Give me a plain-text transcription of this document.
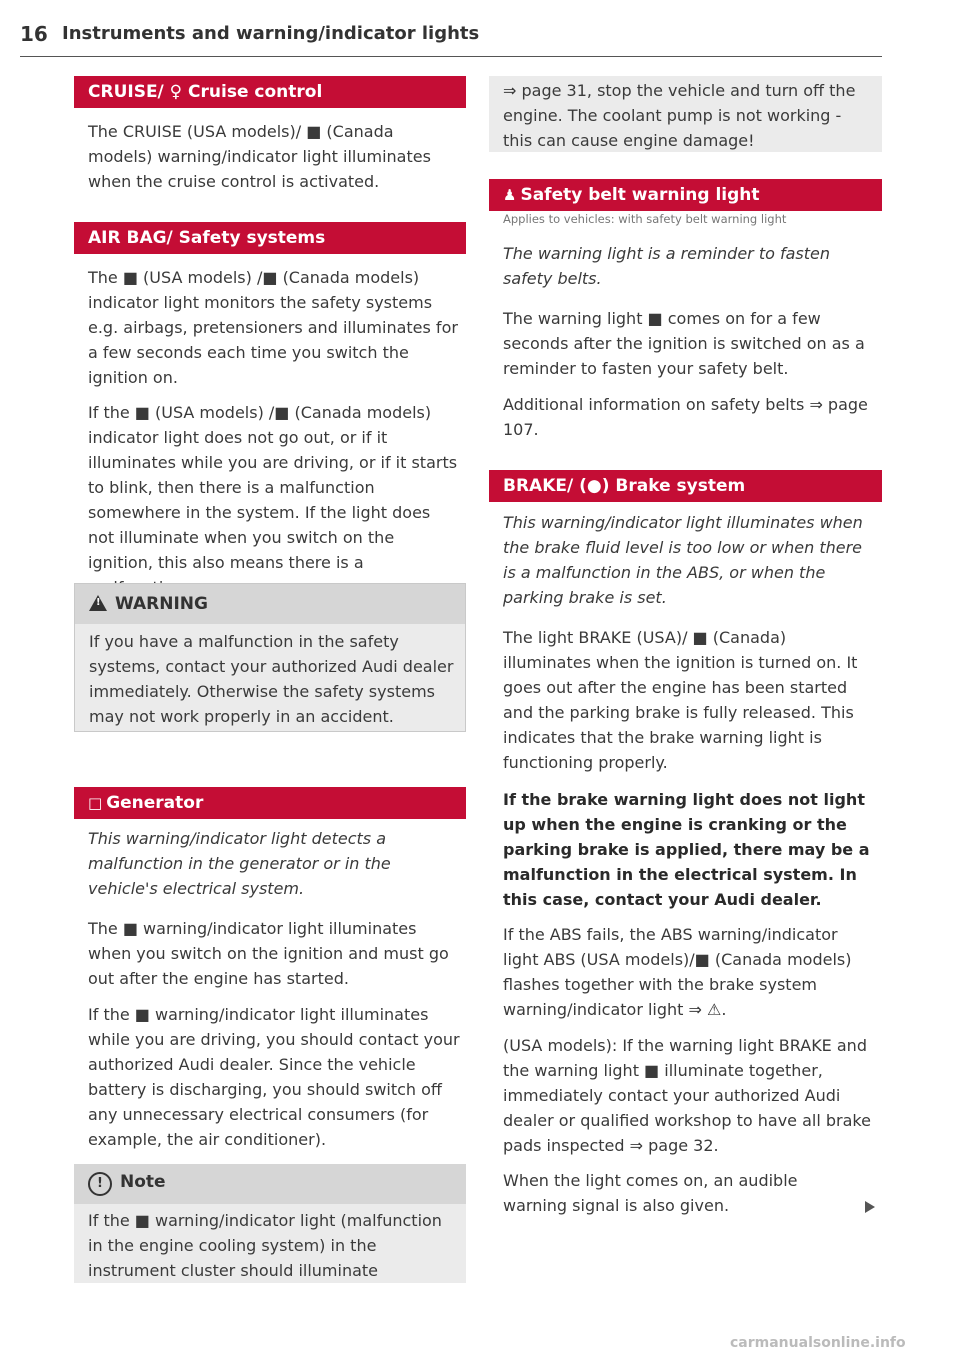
16 Instruments and warning/indicator lights
CRUISE/ ♀ Cruise control

The CRUISE (USA models)/ ■ (Canada models) warning/indicator light illuminates when the cruise control is activated.

AIR BAG/ Safety systems

The ■ (USA models) /■ (Canada models) indicator light monitors the safety systems e.g. airbags, pretensioners and illuminates for a few seconds each time you switch the ignition on.

If the ■ (USA models) /■ (Canada models) indicator light does not go out, or if it illuminates while you are driving, or if it starts to blink, then there is a malfunction somewhere in the system. If the light does not illuminate when you switch on the ignition, this also means there is a

!WARNING

If you have a malfunction in the safety systems, contact your authorized Audi dealer immediately. Otherwise the safety systems may not work properly in an accident.

□ Generator

This warning/indicator light detects a malfunction in the generator or in the vehicle's electrical system.

The ■ warning/indicator light illuminates when you switch on the ignition and must go out after the engine has started.

If the ■ warning/indicator light illuminates while you are driving, you should contact your authorized Audi dealer. Since the vehicle battery is discharging, you should switch off any unnecessary electrical consumers (for example, the air conditioner).

! Note

If the ■ warning/indicator light (malfunction in the engine cooling system) in the instrument cluster should illuminate

⇒ page 31, stop the vehicle and turn off the engine. The coolant pump is not working - this can cause engine damage!

♟ Safety belt warning light
Applies to vehicles: with safety belt warning light

The warning light is a reminder to fasten safety belts.

The warning light ■ comes on for a few seconds after the ignition is switched on as a reminder to fasten your safety belt.

Additional information on safety belts ⇒ page 107.

BRAKE/ (●) Brake system

This warning/indicator light illuminates when the brake fluid level is too low or when there is a malfunction in the ABS, or when the parking brake is set.

The light BRAKE (USA)/ ■ (Canada) illuminates when the ignition is turned on. It goes out after the engine has been started and the parking brake is fully released. This indicates that the brake warning light is functioning properly.

If the brake warning light does not light up when the engine is cranking or the parking brake is applied, there may be a malfunction in the electrical system. In this case, contact your Audi dealer.

If the ABS fails, the ABS warning/indicator light ABS (USA models)/■ (Canada models) flashes together with the brake system warning/indicator light ⇒ ⚠.

(USA models): If the warning light BRAKE and the warning light ■ illuminate together, immediately contact your authorized Audi dealer or qualified workshop to have all brake pads inspected ⇒ page 32.

When the light comes on, an audible warning signal is also given.

carmanualsonline.info
